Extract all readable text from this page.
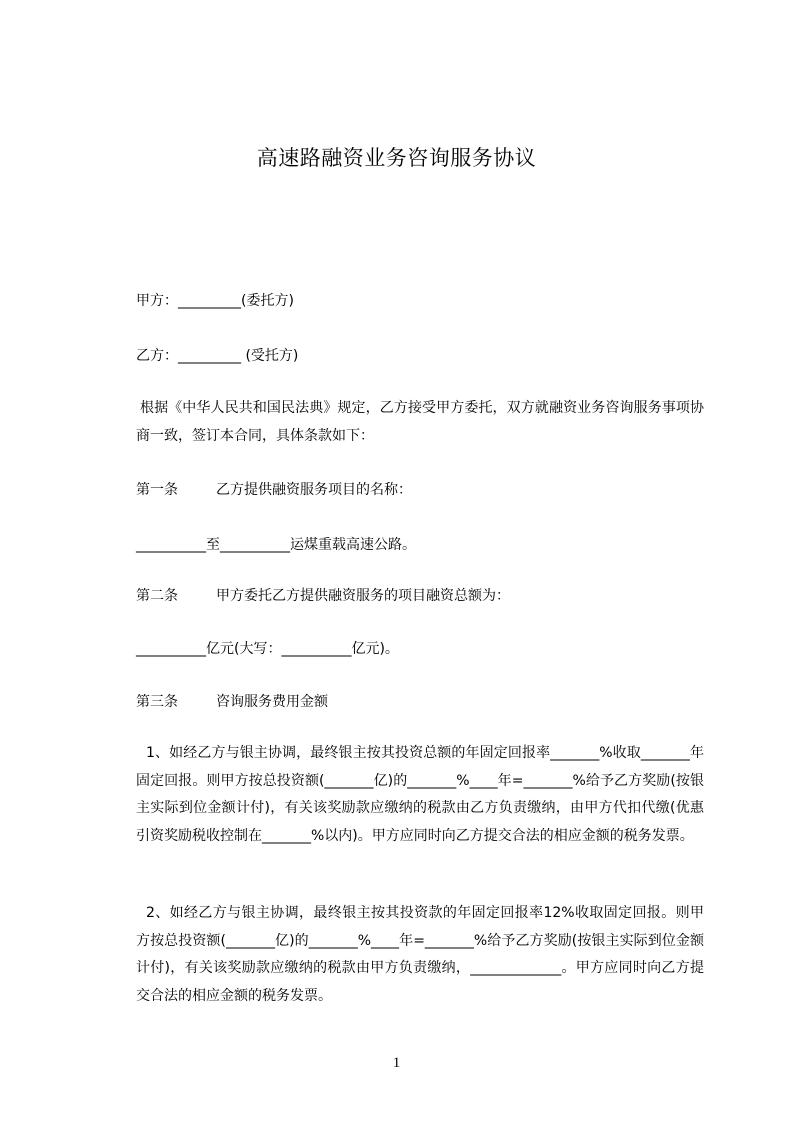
高速路融资业务咨询服务协议
甲方：_________(委托方)
乙方：_________ (受托方)
根据《中华人民共和国民法典》规定，乙方接受甲方委托，双方就融资业务咨询服务事项协商一致，签订本合同，具体条款如下：
第一条	乙方提供融资服务项目的名称：
__________至__________运煤重载高速公路。
第二条	甲方委托乙方提供融资服务的项目融资总额为：
__________亿元(大写：__________亿元)。
第三条	咨询服务费用金额
1、如经乙方与银主协调，最终银主按其投资总额的年固定回报率_______%收取_______年固定回报。则甲方按总投资额(_______亿)的_______%____年=_______%给予乙方奖励(按银主实际到位金额计付)，有关该奖励款应缴纳的税款由乙方负责缴纳，由甲方代扣代缴(优惠引资奖励税收控制在_______%以内)。甲方应同时向乙方提交合法的相应金额的税务发票。
2、如经乙方与银主协调，最终银主按其投资款的年固定回报率12%收取固定回报。则甲方按总投资额(_______亿)的_______%____年=_______%给予乙方奖励(按银主实际到位金额计付)，有关该奖励款应缴纳的税款由甲方负责缴纳，_____________。甲方应同时向乙方提交合法的相应金额的税务发票。
1
